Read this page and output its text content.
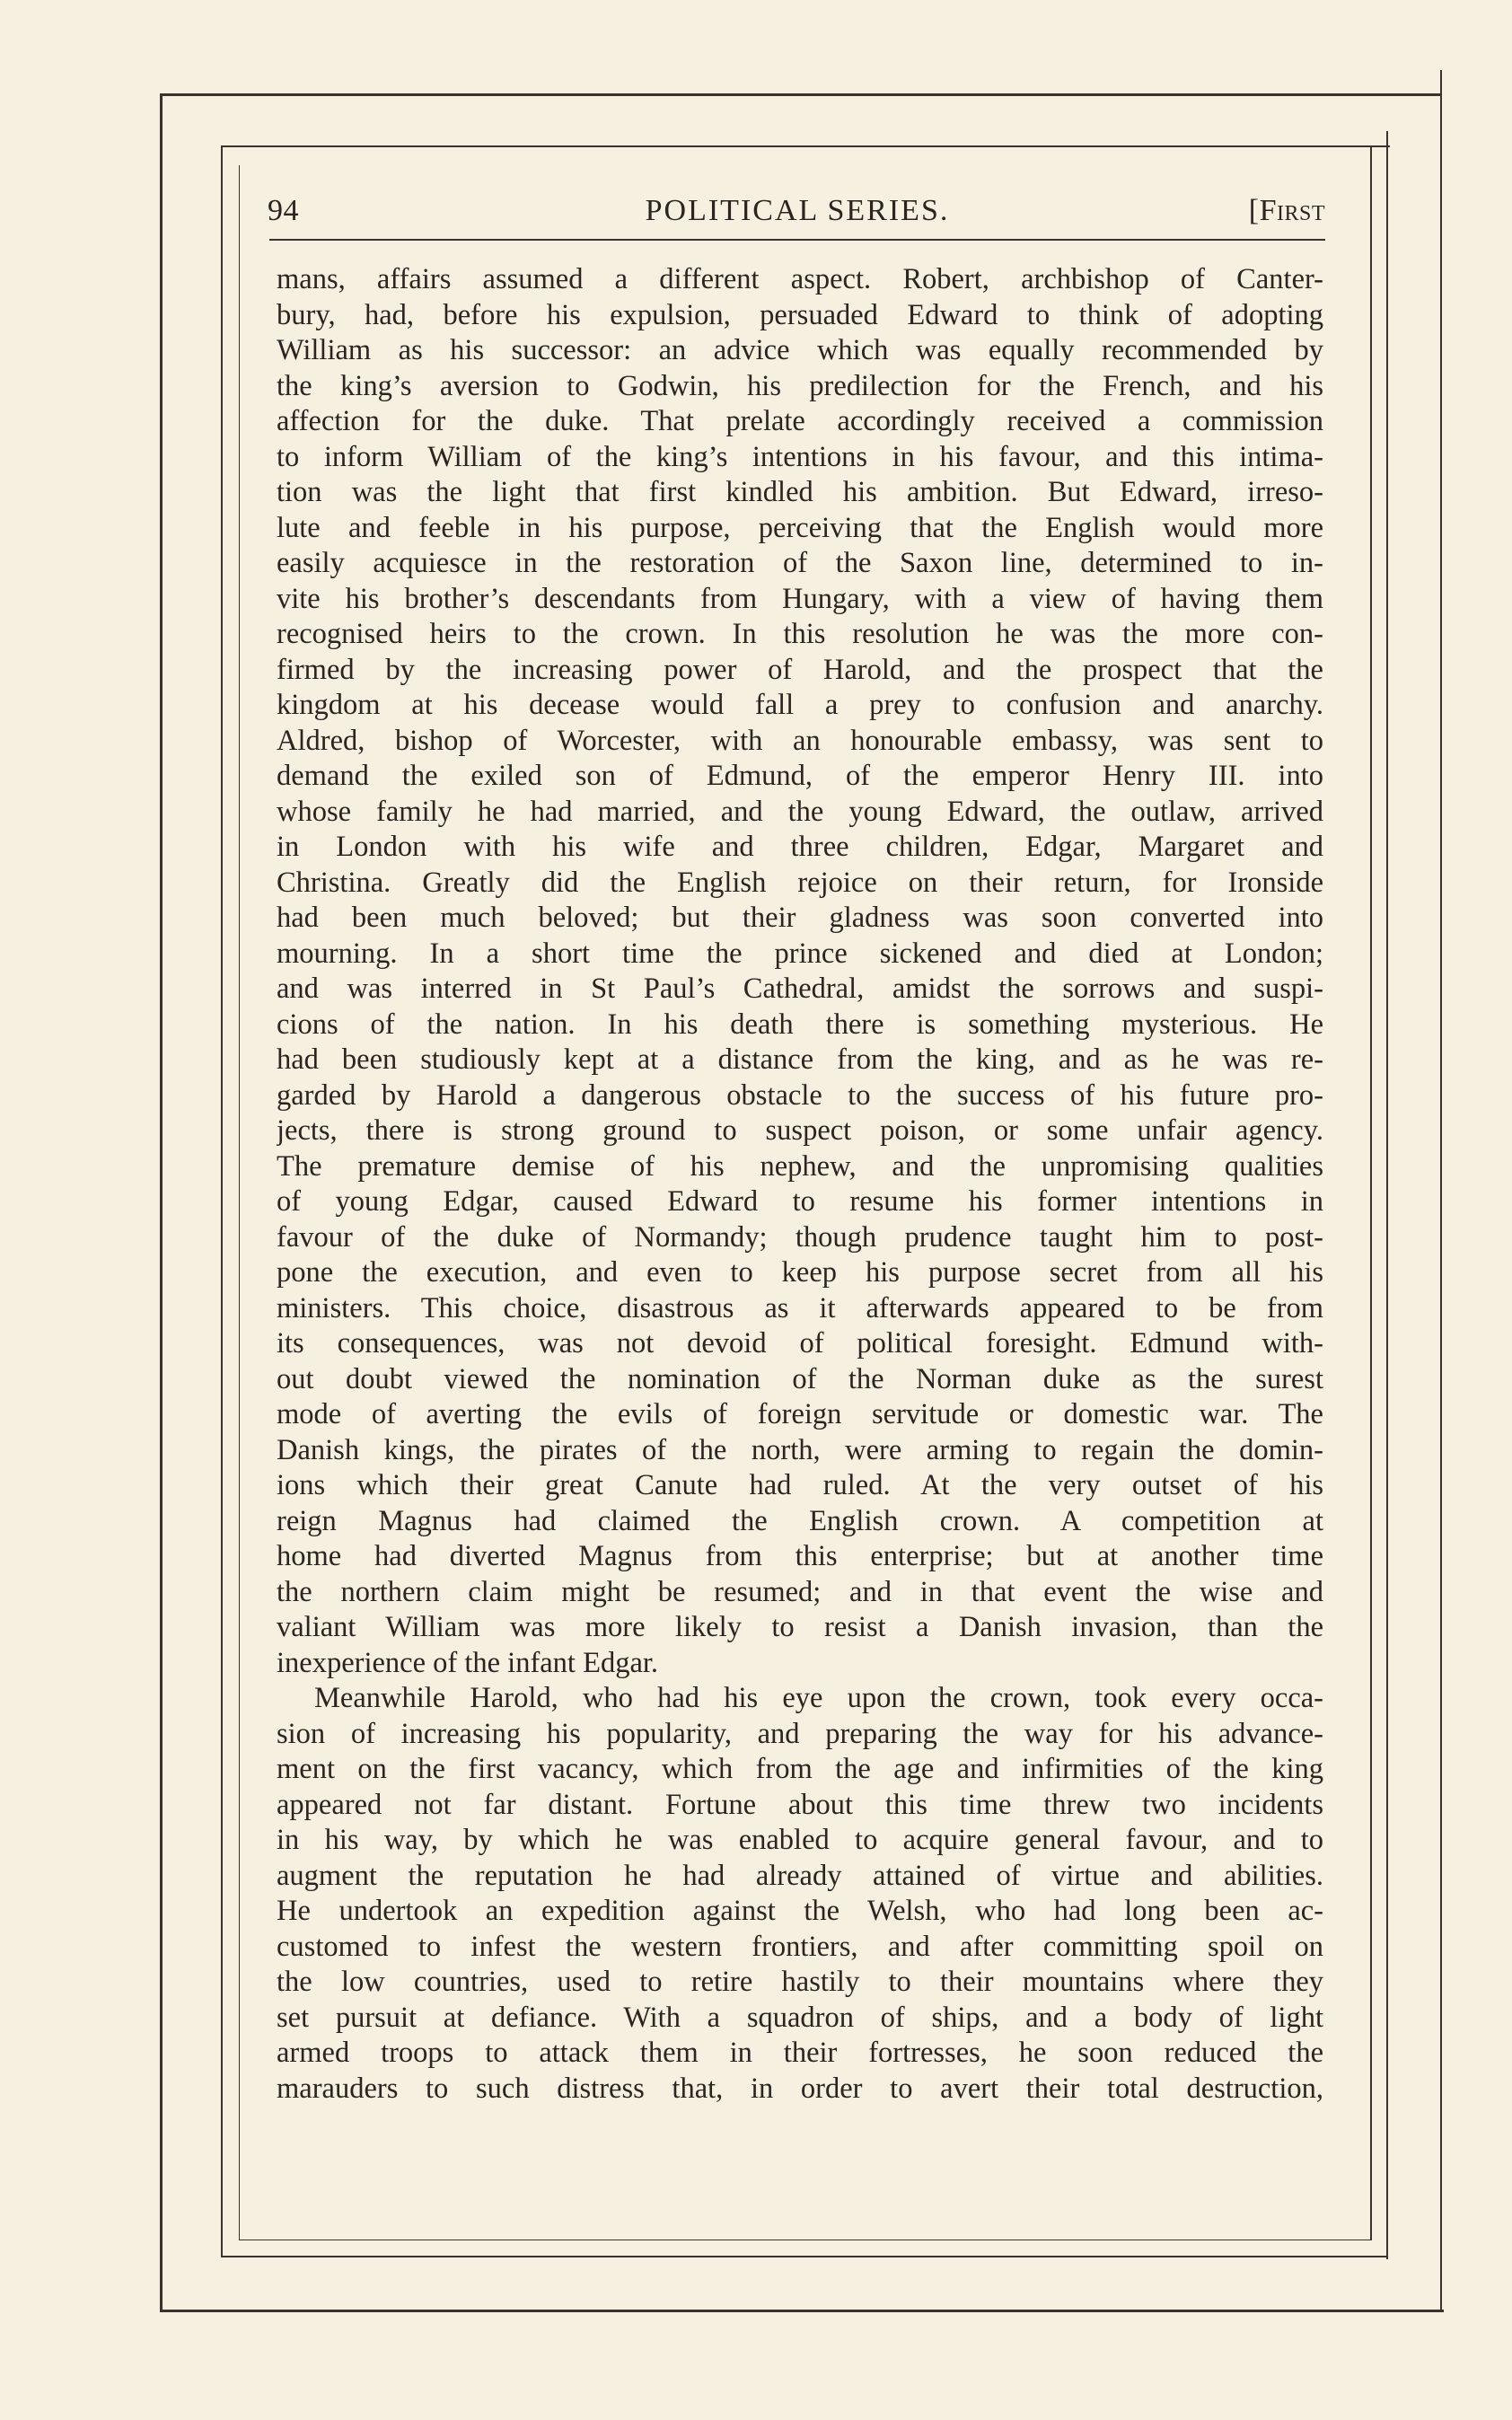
94	POLITICAL SERIES.	[First
mans, affairs assumed a different aspect. Robert, archbishop of Canter-
bury, had, before his expulsion, persuaded Edward to think of adopting
William as his successor: an advice which was equally recommended by
the king’s aversion to Godwin, his predilection for the French, and his
affection for the duke. That prelate accordingly received a commission
to inform William of the king’s intentions in his favour, and this intima-
tion was the light that first kindled his ambition. But Edward, irreso-
lute and feeble in his purpose, perceiving that the English would more
easily acquiesce in the restoration of the Saxon line, determined to in-
vite his brother’s descendants from Hungary, with a view of having them
recognised heirs to the crown. In this resolution he was the more con-
firmed by the increasing power of Harold, and the prospect that the
kingdom at his decease would fall a prey to confusion and anarchy.
Aldred, bishop of Worcester, with an honourable embassy, was sent to
demand the exiled son of Edmund, of the emperor Henry III. into
whose family he had married, and the young Edward, the outlaw, arrived
in London with his wife and three children, Edgar, Margaret and
Christina. Greatly did the English rejoice on their return, for Ironside
had been much beloved; but their gladness was soon converted into
mourning. In a short time the prince sickened and died at London;
and was interred in St Paul’s Cathedral, amidst the sorrows and suspi-
cions of the nation. In his death there is something mysterious. He
had been studiously kept at a distance from the king, and as he was re-
garded by Harold a dangerous obstacle to the success of his future pro-
jects, there is strong ground to suspect poison, or some unfair agency.
The premature demise of his nephew, and the unpromising qualities
of young Edgar, caused Edward to resume his former intentions in
favour of the duke of Normandy; though prudence taught him to post-
pone the execution, and even to keep his purpose secret from all his
ministers. This choice, disastrous as it afterwards appeared to be from
its consequences, was not devoid of political foresight. Edmund with-
out doubt viewed the nomination of the Norman duke as the surest
mode of averting the evils of foreign servitude or domestic war. The
Danish kings, the pirates of the north, were arming to regain the domin-
ions which their great Canute had ruled. At the very outset of his
reign Magnus had claimed the English crown. A competition at
home had diverted Magnus from this enterprise; but at another time
the northern claim might be resumed; and in that event the wise and
valiant William was more likely to resist a Danish invasion, than the
inexperience of the infant Edgar.
Meanwhile Harold, who had his eye upon the crown, took every occa-
sion of increasing his popularity, and preparing the way for his advance-
ment on the first vacancy, which from the age and infirmities of the king
appeared not far distant. Fortune about this time threw two incidents
in his way, by which he was enabled to acquire general favour, and to
augment the reputation he had already attained of virtue and abilities.
He undertook an expedition against the Welsh, who had long been ac-
customed to infest the western frontiers, and after committing spoil on
the low countries, used to retire hastily to their mountains where they
set pursuit at defiance. With a squadron of ships, and a body of light
armed troops to attack them in their fortresses, he soon reduced the
marauders to such distress that, in order to avert their total destruction,
